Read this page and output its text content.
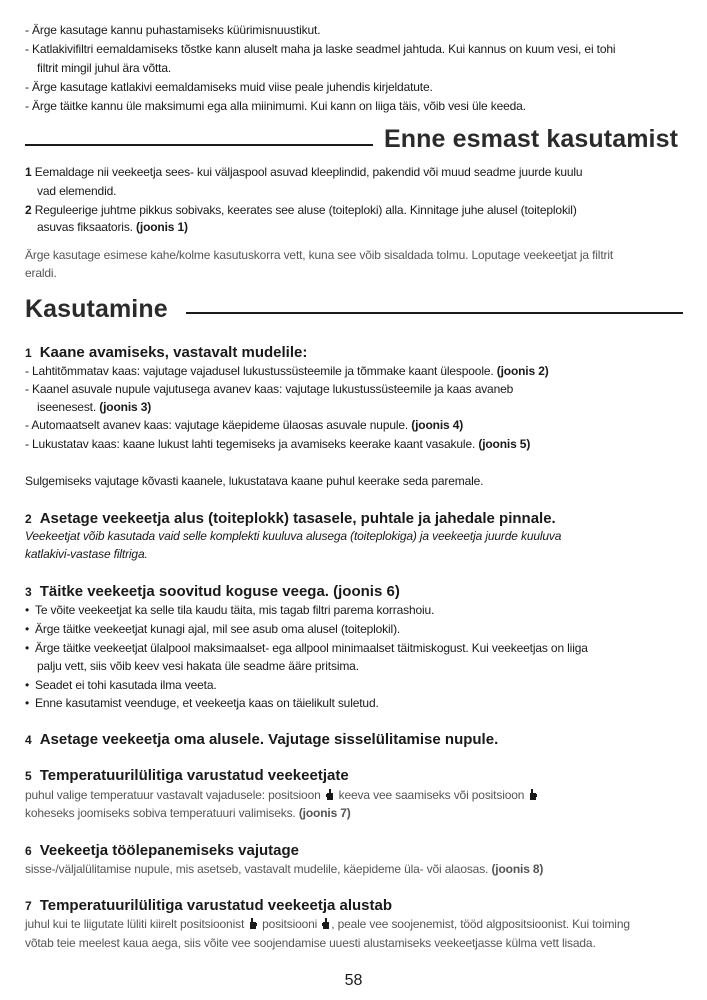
- Ärge kasutage kannu puhastamiseks küürimisnuustikut.
- Katlakivifiltri eemaldamiseks tõstke kann aluselt maha ja laske seadmel jahtuda. Kui kannus on kuum vesi, ei tohi
filtrit mingil juhul ära võtta.
- Ärge kasutage katlakivi eemaldamiseks muid viise peale juhendis kirjeldatute.
- Ärge täitke kannu üle maksimumi ega alla miinimumi. Kui kann on liiga täis, võib vesi üle keeda.
Enne esmast kasutamist
1 Eemaldage nii veekeetja sees- kui väljaspool asuvad kleeplindid, pakendid või muud seadme juurde kuulu
vad elemendid.
2 Reguleerige juhtme pikkus sobivaks, keerates see aluse (toiteploki) alla. Kinnitage juhe alusel (toiteplokil)
asuvas fiksaatoris. (joonis 1)
Ärge kasutage esimese kahe/kolme kasutuskorra vett, kuna see võib sisaldada tolmu. Loputage veekeetjat ja filtrit
eraldi.
Kasutamine
1 Kaane avamiseks, vastavalt mudelile:
- Lahtitõmmatav kaas: vajutage vajadusel lukustussüsteemile ja tõmmake kaant ülespoole. (joonis 2)
- Kaanel asuvale nupule vajutusega avanev kaas: vajutage lukustussüsteemile ja kaas avaneb
iseenesest. (joonis 3)
- Automaatselt avanev kaas: vajutage käepideme ülaosas asuvale nupule. (joonis 4)
- Lukustatav kaas: kaane lukust lahti tegemiseks ja avamiseks keerake kaant vasakule. (joonis 5)
Sulgemiseks vajutage kõvasti kaanele, lukustatava kaane puhul keerake seda paremale.
2 Asetage veekeetja alus (toiteplokk) tasasele, puhtale ja jahedale pinnale.
Veekeetjat võib kasutada vaid selle komplekti kuuluva alusega (toiteplokiga) ja veekeetja juurde kuuluva
katlakivi-vastase filtriga.
3 Täitke veekeetja soovitud koguse veega. (joonis 6)
• Te võite veekeetjat ka selle tila kaudu täita, mis tagab filtri parema korrashoiu.
• Ärge täitke veekeetjat kunagi ajal, mil see asub oma alusel (toiteplokil).
• Ärge täitke veekeetjat ülalpool maksimaalset- ega allpool minimaalset täitmiskogust. Kui veekeetjas on liiga
palju vett, siis võib keev vesi hakata üle seadme ääre pritsima.
• Seadet ei tohi kasutada ilma veeta.
• Enne kasutamist veenduge, et veekeetja kaas on täielikult suletud.
4 Asetage veekeetja oma alusele. Vajutage sisselülitamise nupule.
5 Temperatuurilülitiga varustatud veekeetjate
puhul valige temperatuur vastavalt vajadusele: positsioon keeva vee saamiseks või positsioon
koheseks joomiseks sobiva temperatuuri valimiseks. (joonis 7)
6 Veekeetja töölepanemiseks vajutage
sisse-/väljalülitamise nupule, mis asetseb, vastavalt mudelile, käepideme üla- või alaosas. (joonis 8)
7 Temperatuurilülitiga varustatud veekeetja alustab
juhul kui te liigutate lüliti kiirelt positsioonist positsiooni , peale vee soojenemist, tööd algpositsioonist. Kui toiming
võtab teie meelest kaua aega, siis võite vee soojendamise uuesti alustamiseks veekeetjasse külma vett lisada.
58
